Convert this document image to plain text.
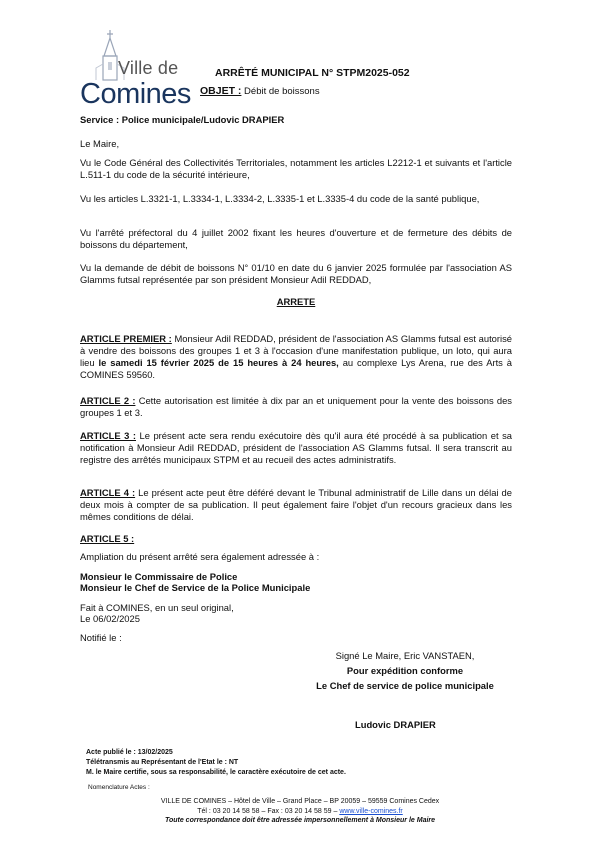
Ville de
Comines
ARRÊTÉ MUNICIPAL N° STPM2025-052
OBJET : Débit de boissons
Service : Police municipale/Ludovic DRAPIER
Le Maire,
Vu le Code Général des Collectivités Territoriales, notamment les articles L2212-1 et suivants et l'article L.511-1 du code de la sécurité intérieure,
Vu les articles L.3321-1, L.3334-1, L.3334-2, L.3335-1 et L.3335-4 du code de la santé publique,
Vu l'arrêté préfectoral du 4 juillet 2002 fixant les heures d'ouverture et de fermeture des débits de boissons du département,
Vu la demande de débit de boissons N° 01/10 en date du 6 janvier 2025 formulée par l'association AS Glamms futsal représentée par son président Monsieur Adil REDDAD,
ARRETE
ARTICLE PREMIER : Monsieur Adil REDDAD, président de l'association AS Glamms futsal est autorisé à vendre des boissons des groupes 1 et 3 à l'occasion d'une manifestation publique, un loto, qui aura lieu le samedi 15 février 2025 de 15 heures à 24 heures, au complexe Lys Arena, rue des Arts à COMINES 59560.
ARTICLE 2 : Cette autorisation est limitée à dix par an et uniquement pour la vente des boissons des groupes 1 et 3.
ARTICLE 3 : Le présent acte sera rendu exécutoire dès qu'il aura été procédé à sa publication et sa notification à Monsieur Adil REDDAD, président de l'association AS Glamms futsal. Il sera transcrit au registre des arrêtés municipaux STPM et au recueil des actes administratifs.
ARTICLE 4 : Le présent acte peut être déféré devant le Tribunal administratif de Lille dans un délai de deux mois à compter de sa publication. Il peut également faire l'objet d'un recours gracieux dans les mêmes conditions de délai.
ARTICLE 5 :
Ampliation du présent arrêté sera également adressée à :
Monsieur le Commissaire de Police
Monsieur le Chef de Service de la Police Municipale
Fait à COMINES, en un seul original,
Le 06/02/2025
Notifié le :
Signé Le Maire, Eric VANSTAEN,
Pour expédition conforme
Le Chef de service de police municipale
Ludovic DRAPIER
Acte publié le : 13/02/2025
Télétransmis au Représentant de l'Etat le : NT
M. le Maire certifie, sous sa responsabilité, le caractère exécutoire de cet acte.
Nomenclature Actes :
VILLE DE COMINES – Hôtel de Ville – Grand Place – BP 20059 – 59559 Comines Cedex
Tél : 03 20 14 58 58 – Fax : 03 20 14 58 59 – www.ville-comines.fr
Toute correspondance doit être adressée impersonnellement à Monsieur le Maire
